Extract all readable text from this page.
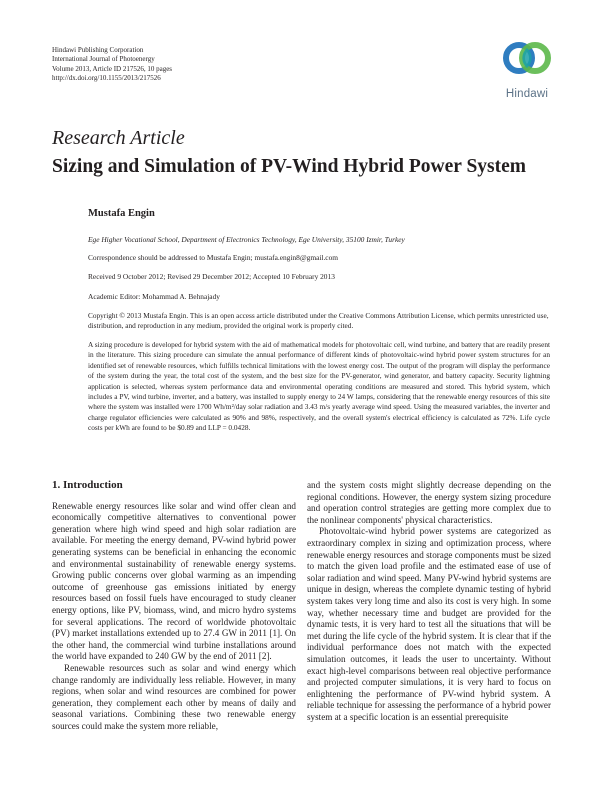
Hindawi Publishing Corporation
International Journal of Photoenergy
Volume 2013, Article ID 217526, 10 pages
http://dx.doi.org/10.1155/2013/217526
Hindawi
Research Article
Sizing and Simulation of PV-Wind Hybrid Power System
Mustafa Engin
Ege Higher Vocational School, Department of Electronics Technology, Ege University, 35100 Izmir, Turkey
Correspondence should be addressed to Mustafa Engin; mustafa.engin8@gmail.com
Received 9 October 2012; Revised 29 December 2012; Accepted 10 February 2013
Academic Editor: Mohammad A. Behnajady
Copyright © 2013 Mustafa Engin. This is an open access article distributed under the Creative Commons Attribution License, which permits unrestricted use, distribution, and reproduction in any medium, provided the original work is properly cited.
A sizing procedure is developed for hybrid system with the aid of mathematical models for photovoltaic cell, wind turbine, and battery that are readily present in the literature. This sizing procedure can simulate the annual performance of different kinds of photovoltaic-wind hybrid power system structures for an identified set of renewable resources, which fulfills technical limitations with the lowest energy cost. The output of the program will display the performance of the system during the year, the total cost of the system, and the best size for the PV-generator, wind generator, and battery capacity. Security lightning application is selected, whereas system performance data and environmental operating conditions are measured and stored. This hybrid system, which includes a PV, wind turbine, inverter, and a battery, was installed to supply energy to 24 W lamps, considering that the renewable energy resources of this site where the system was installed were 1700 Wh/m²/day solar radiation and 3.43 m/s yearly average wind speed. Using the measured variables, the inverter and charge regulator efficiencies were calculated as 90% and 98%, respectively, and the overall system's electrical efficiency is calculated as 72%. Life cycle costs per kWh are found to be $0.89 and LLP = 0.0428.
1. Introduction

Renewable energy resources like solar and wind offer clean and economically competitive alternatives to conventional power generation where high wind speed and high solar radiation are available. For meeting the energy demand, PV-wind hybrid power generating systems can be beneficial in enhancing the economic and environmental sustainability of renewable energy systems. Growing public concerns over global warming as an impending outcome of greenhouse gas emissions initiated by energy resources based on fossil fuels have encouraged to study cleaner energy options, like PV, biomass, wind, and micro hydro systems for several applications. The record of worldwide photovoltaic (PV) market installations extended up to 27.4 GW in 2011 [1]. On the other hand, the commercial wind turbine installations around the world have expanded to 240 GW by the end of 2011 [2].

Renewable resources such as solar and wind energy which change randomly are individually less reliable. However, in many regions, when solar and wind resources are combined for power generation, they complement each other by means of daily and seasonal variations. Combining these two renewable energy sources could make the system more reliable,

and the system costs might slightly decrease depending on the regional conditions. However, the energy system sizing procedure and operation control strategies are getting more complex due to the nonlinear components' physical characteristics.

Photovoltaic-wind hybrid power systems are categorized as extraordinary complex in sizing and optimization process, where renewable energy resources and storage components must be sized to match the given load profile and the estimated ease of use of solar radiation and wind speed. Many PV-wind hybrid systems are unique in design, whereas the complete dynamic testing of hybrid system takes very long time and also its cost is very high. In some way, whether necessary time and budget are provided for the dynamic tests, it is very hard to test all the situations that will be met during the life cycle of the hybrid system. It is clear that if the individual performance does not match with the expected simulation outcomes, it leads the user to uncertainty. Without exact high-level comparisons between real objective performance and projected computer simulations, it is very hard to focus on enlightening the performance of PV-wind hybrid system. A reliable technique for assessing the performance of a hybrid power system at a specific location is an essential prerequisite
